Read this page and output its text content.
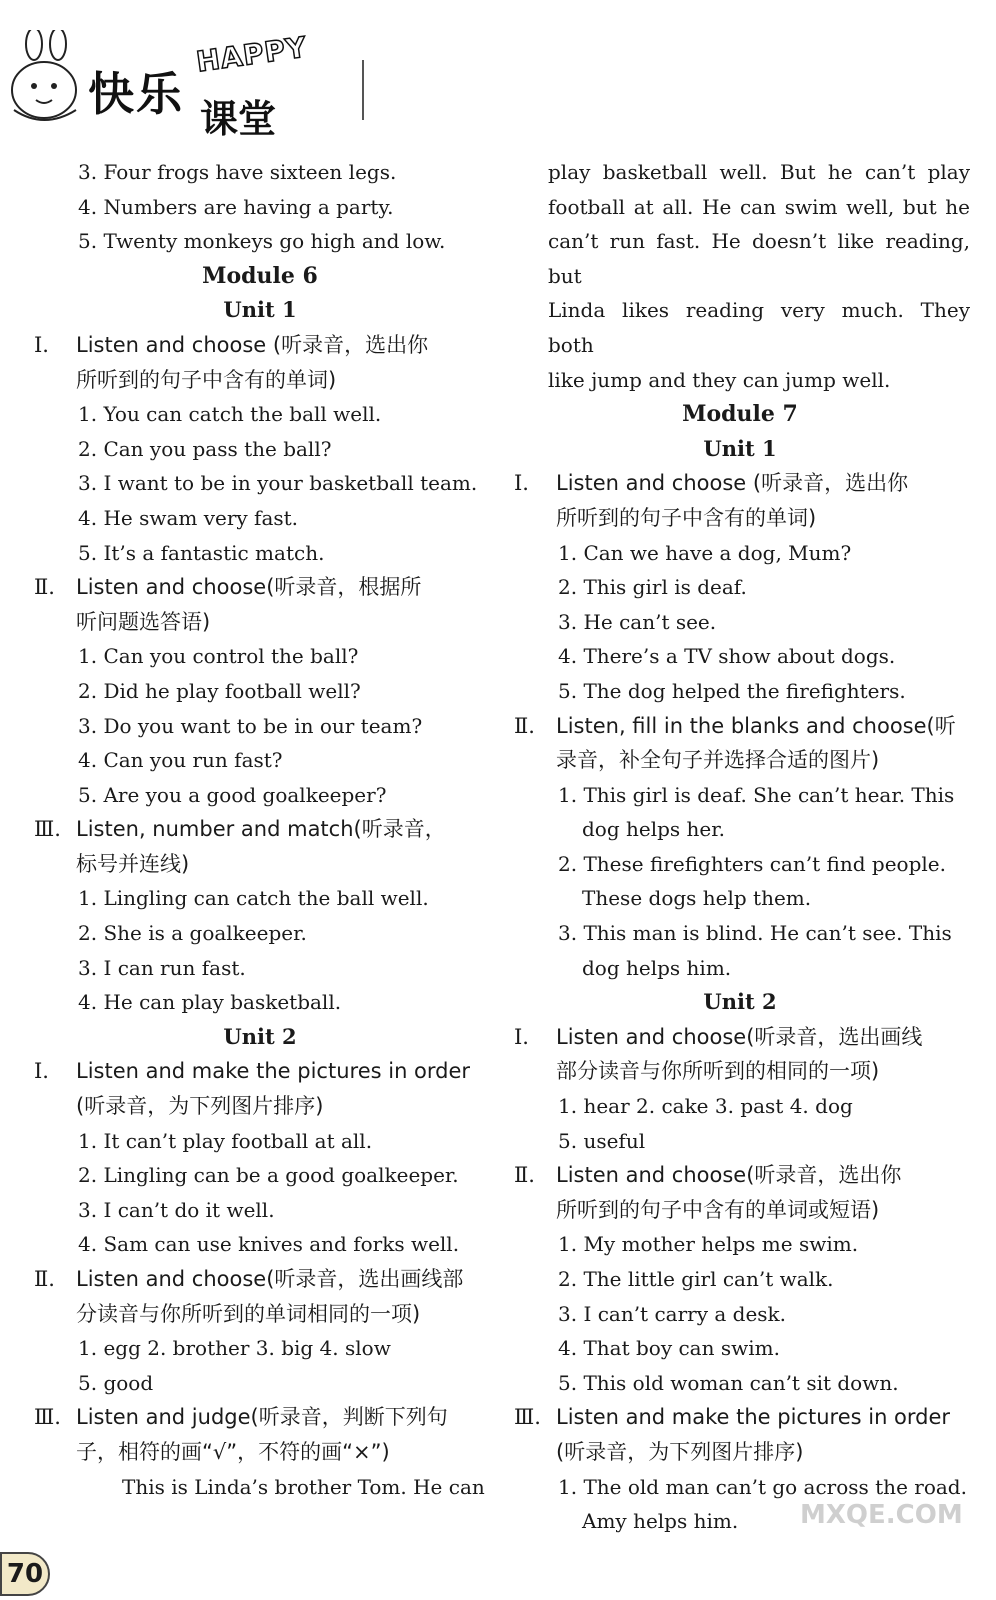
HAPPY
快乐 课堂
3. Four frogs have sixteen legs.
4. Numbers are having a party.
5. Twenty monkeys go high and low.
Module 6
Unit 1
Ⅰ.	Listen and choose (听录音，选出你
所听到的句子中含有的单词)
1. You can catch the ball well.
2. Can you pass the ball?
3. I want to be in your basketball team.
4. He swam very fast.
5. It’s a fantastic match.
Ⅱ.	Listen and choose(听录音，根据所
听问题选答语)
1. Can you control the ball?
2. Did he play football well?
3. Do you want to be in our team?
4. Can you run fast?
5. Are you a good goalkeeper?
Ⅲ. Listen, number and match(听录音，
标号并连线)
1. Lingling can catch the ball well.
2. She is a goalkeeper.
3. I can run fast.
4. He can play basketball.
Unit 2
Ⅰ.	Listen and make the pictures in order
(听录音，为下列图片排序)
1. It can’t play football at all.
2. Lingling can be a good goalkeeper.
3. I can’t do it well.
4. Sam can use knives and forks well.
Ⅱ.	Listen and choose(听录音，选出画线部
分读音与你所听到的单词相同的一项)
1. egg 2. brother 3. big 4. slow
5. good
Ⅲ. Listen and judge(听录音，判断下列句
子，相符的画“√”，不符的画“×”)
This is Linda’s brother Tom. He can
play basketball well. But he can’t play
football at all. He can swim well, but he
can’t run fast. He doesn’t like reading, but
Linda likes reading very much. They both
like jump and they can jump well.
Module 7
Unit 1
Ⅰ.	Listen and choose (听录音，选出你
所听到的句子中含有的单词)
1. Can we have a dog, Mum?
2. This girl is deaf.
3. He can’t see.
4. There’s a TV show about dogs.
5. The dog helped the firefighters.
Ⅱ.	Listen, fill in the blanks and choose(听
录音，补全句子并选择合适的图片)
1. This girl is deaf. She can’t hear. This
dog helps her.
2. These firefighters can’t find people.
These dogs help them.
3. This man is blind. He can’t see. This
dog helps him.
Unit 2
Ⅰ.	Listen and choose(听录音，选出画线
部分读音与你所听到的相同的一项)
1. hear 2. cake 3. past 4. dog
5. useful
Ⅱ.	Listen and choose(听录音，选出你
所听到的句子中含有的单词或短语)
1. My mother helps me swim.
2. The little girl can’t walk.
3. I can’t carry a desk.
4. That boy can swim.
5. This old woman can’t sit down.
Ⅲ. Listen and make the pictures in order
(听录音，为下列图片排序)
1. The old man can’t go across the road.
Amy helps him.
70
MXQE.COM
